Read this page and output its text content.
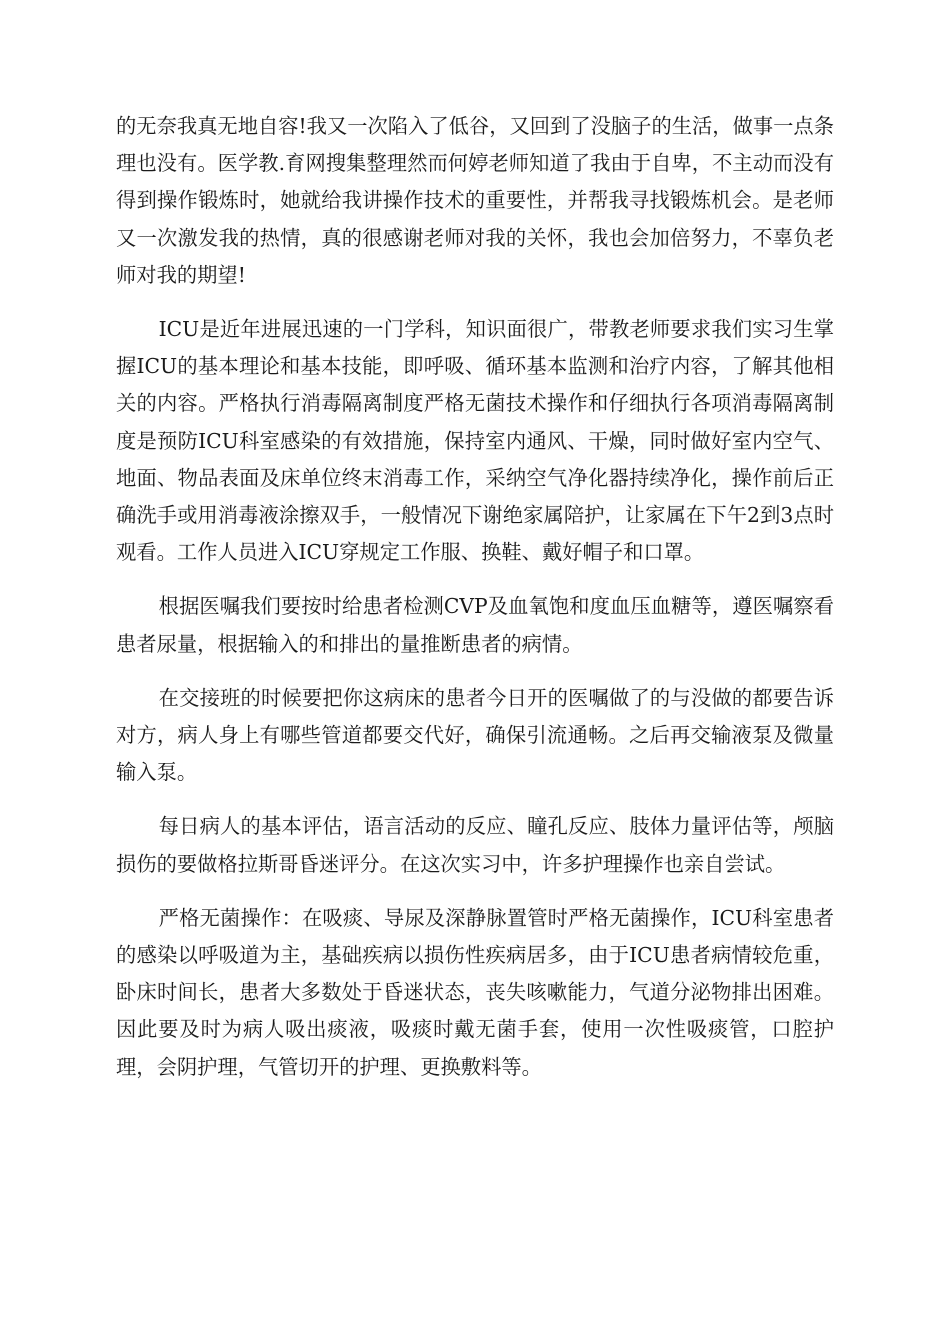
的无奈我真无地自容!我又一次陷入了低谷，又回到了没脑子的生活，做事一点条理也没有。医学教.育网搜集整理然而何婷老师知道了我由于自卑，不主动而没有得到操作锻炼时，她就给我讲操作技术的重要性，并帮我寻找锻炼机会。是老师又一次激发我的热情，真的很感谢老师对我的关怀，我也会加倍努力，不辜负老师对我的期望!

ICU是近年进展迅速的一门学科，知识面很广，带教老师要求我们实习生掌握ICU的基本理论和基本技能，即呼吸、循环基本监测和治疗内容，了解其他相关的内容。严格执行消毒隔离制度严格无菌技术操作和仔细执行各项消毒隔离制度是预防ICU科室感染的有效措施，保持室内通风、干燥，同时做好室内空气、地面、物品表面及床单位终末消毒工作，采纳空气净化器持续净化，操作前后正确洗手或用消毒液涂擦双手，一般情况下谢绝家属陪护，让家属在下午2到3点时观看。工作人员进入ICU穿规定工作服、换鞋、戴好帽子和口罩。

根据医嘱我们要按时给患者检测CVP及血氧饱和度血压血糖等，遵医嘱察看患者尿量，根据输入的和排出的量推断患者的病情。

在交接班的时候要把你这病床的患者今日开的医嘱做了的与没做的都要告诉对方，病人身上有哪些管道都要交代好，确保引流通畅。之后再交输液泵及微量输入泵。

每日病人的基本评估，语言活动的反应、瞳孔反应、肢体力量评估等，颅脑损伤的要做格拉斯哥昏迷评分。在这次实习中，许多护理操作也亲自尝试。

严格无菌操作：在吸痰、导尿及深静脉置管时严格无菌操作，ICU科室患者的感染以呼吸道为主，基础疾病以损伤性疾病居多，由于ICU患者病情较危重，卧床时间长，患者大多数处于昏迷状态，丧失咳嗽能力，气道分泌物排出困难。因此要及时为病人吸出痰液，吸痰时戴无菌手套，使用一次性吸痰管，口腔护理，会阴护理，气管切开的护理、更换敷料等。
